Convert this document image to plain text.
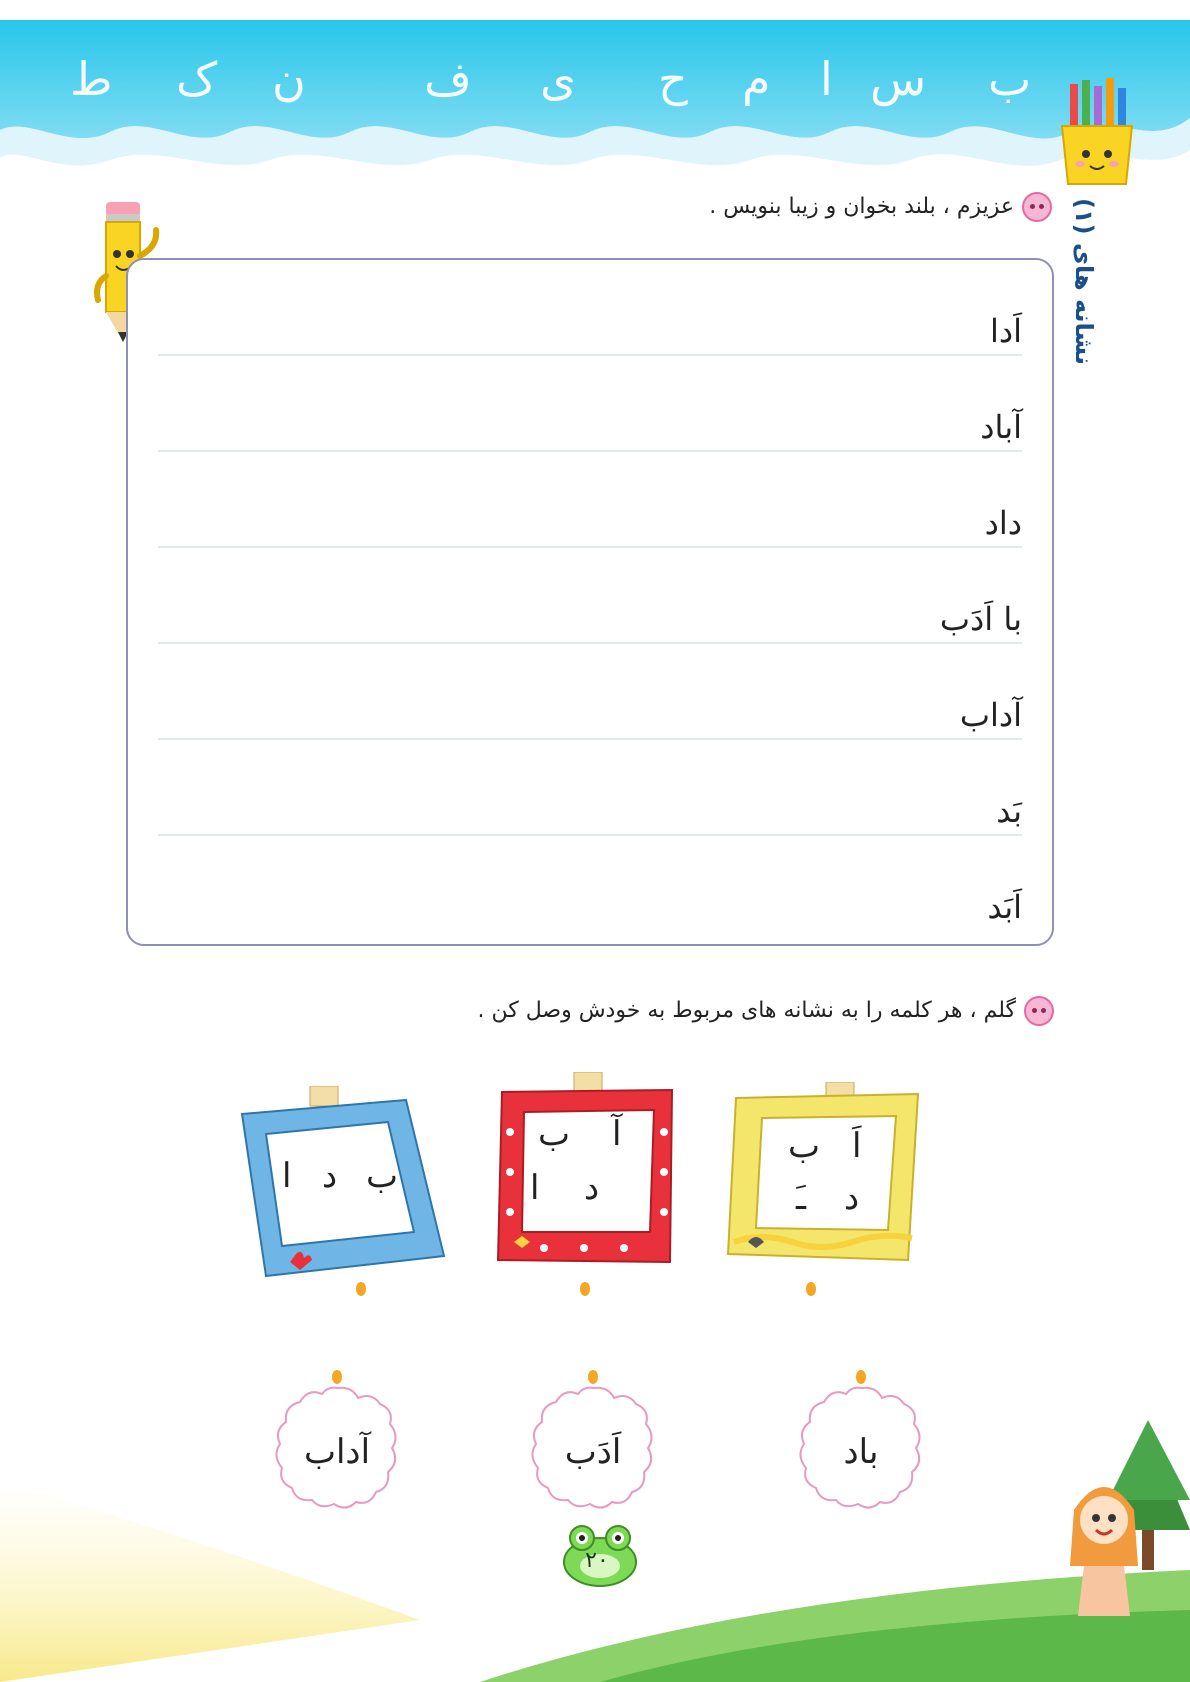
ب
س
ا
م
ح
ی
ف
ن
ک
ط
نشانه های (۱)
عزیزم ، بلند بخوان و زیبا بنویس .
اَدا
آباد
داد
با اَدَب
آداب
بَد
اَبَد
گلم ، هر کلمه را به نشانه های مربوط به خودش وصل کن .
اَ
ب
د
ـَ
آ
ب
د
ا
ب
د
ا
۲۰
باد
اَدَب
آداب
